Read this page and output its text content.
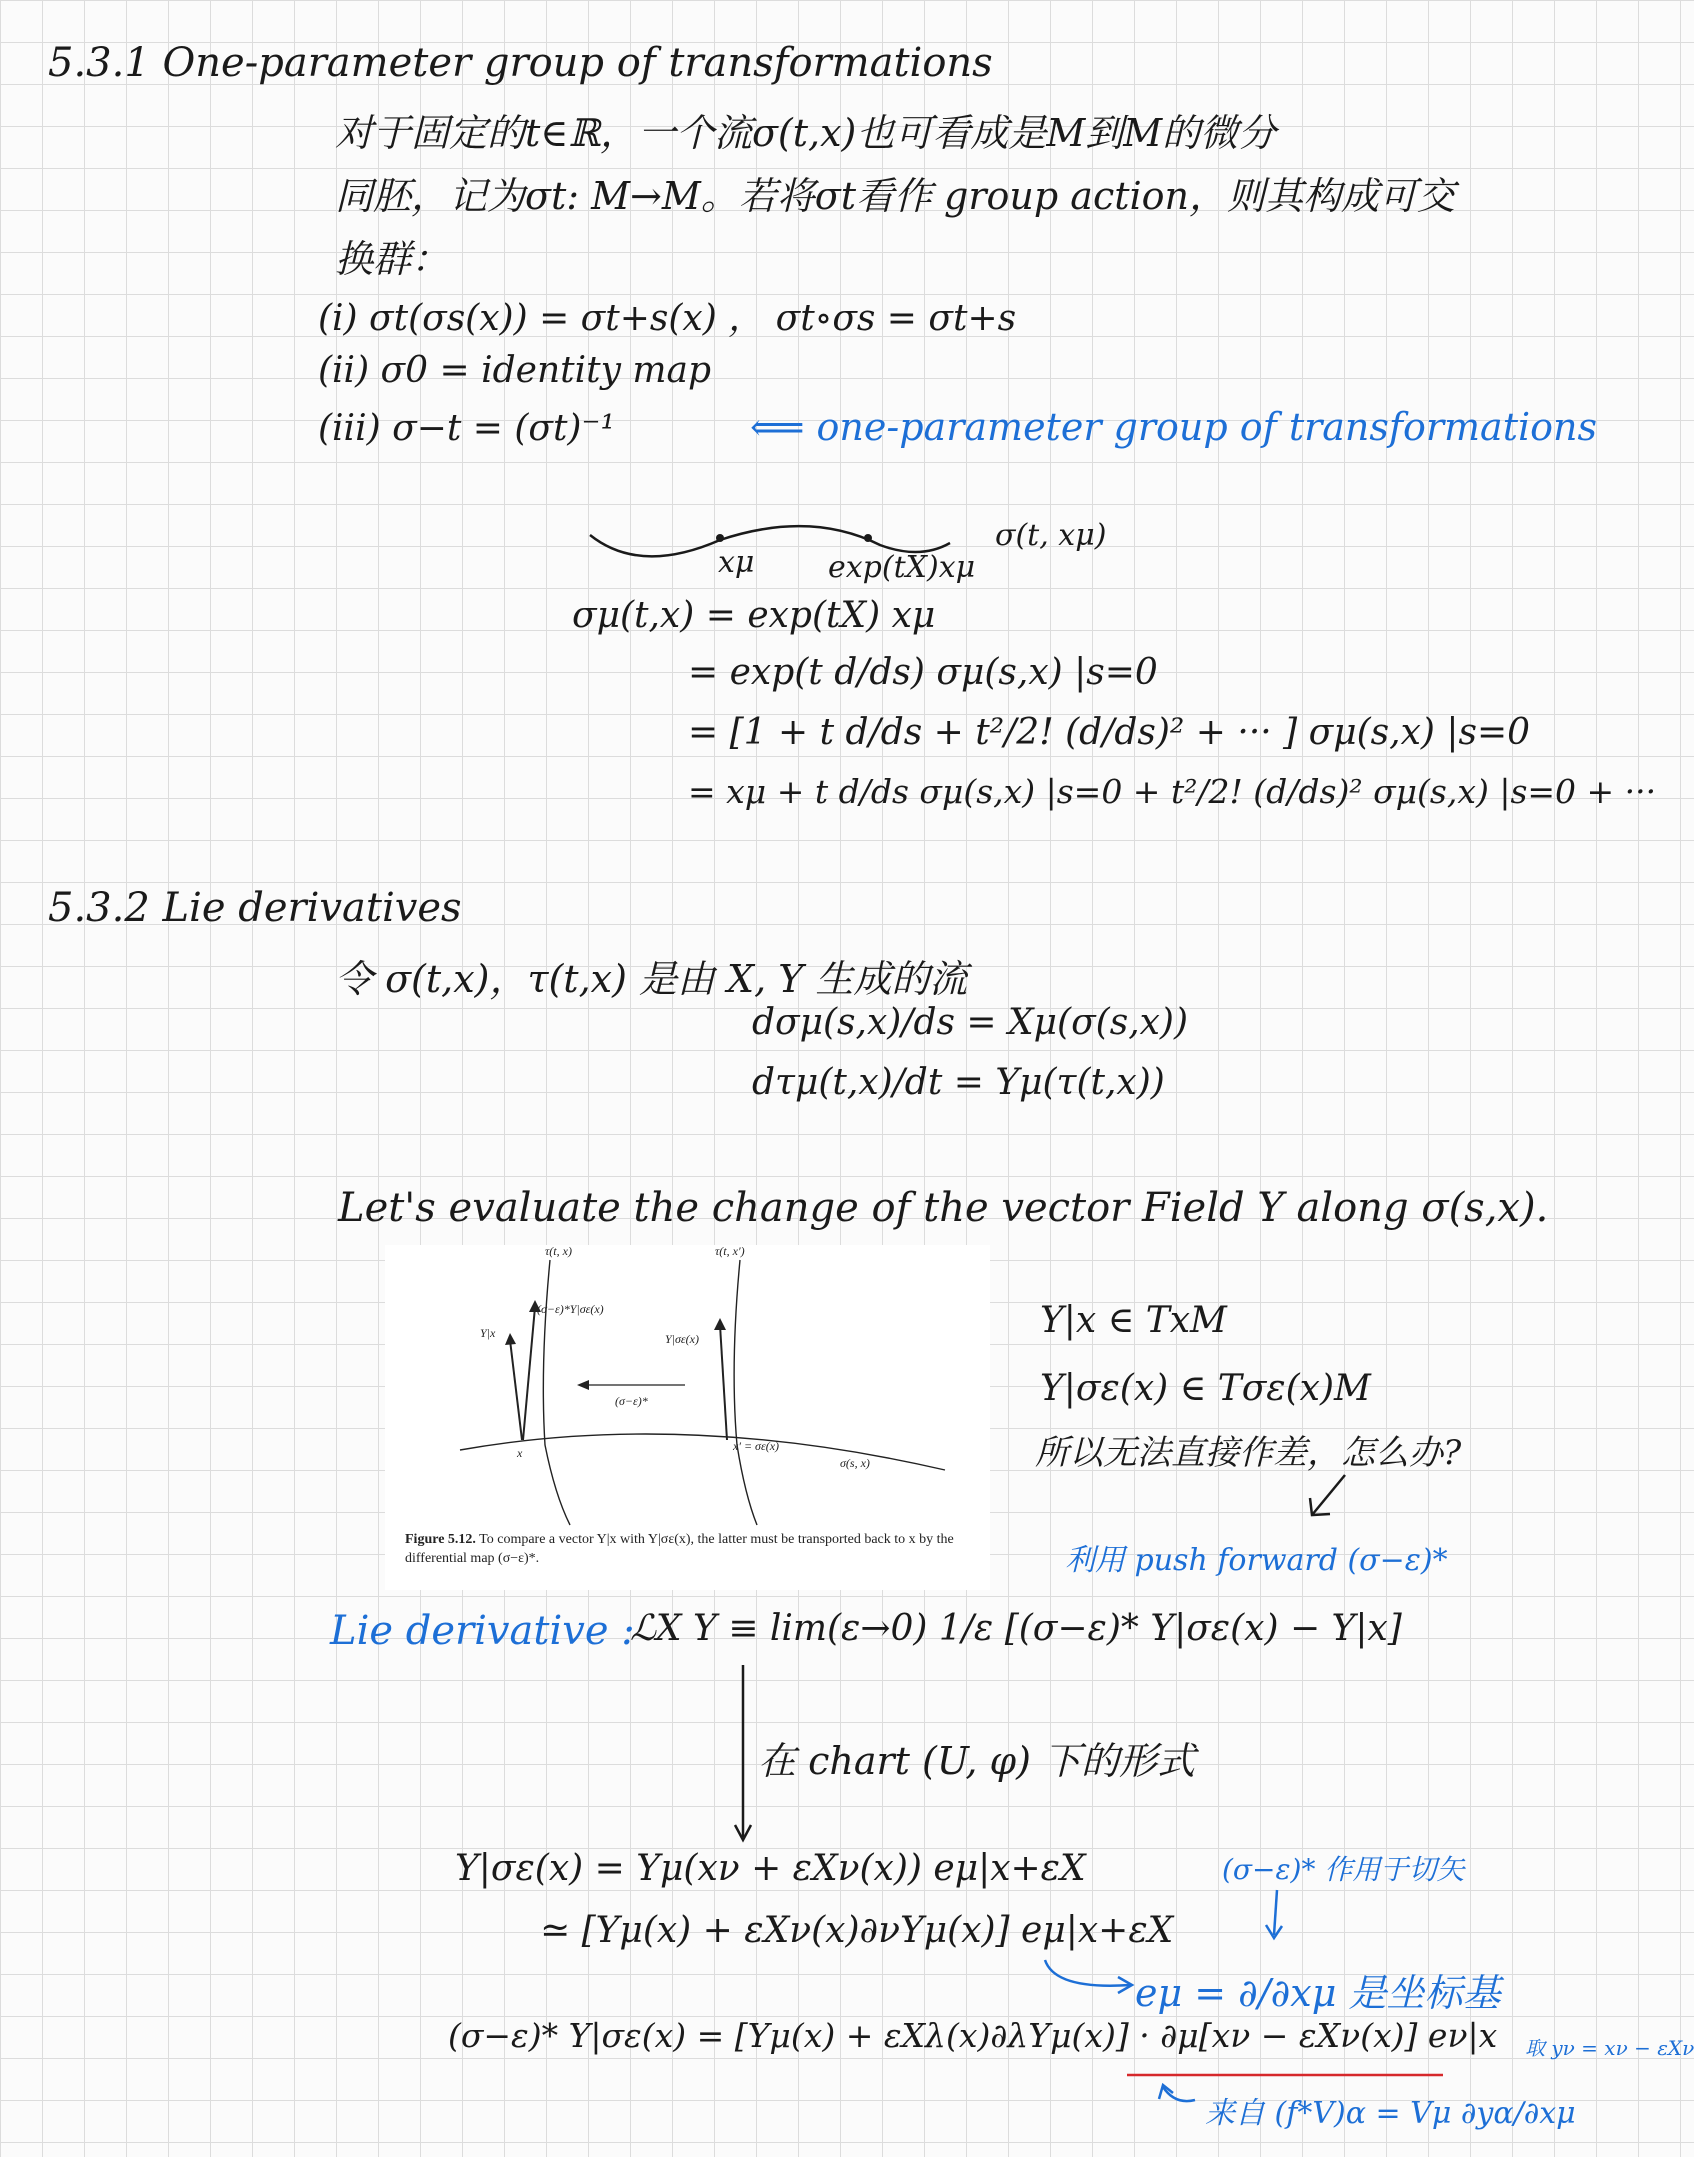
5.3.1 One-parameter group of transformations
对于固定的t∈ℝ，一个流σ(t,x)也可看成是M到M的微分
同胚，记为σt: M→M。若将σt看作 group action，则其构成可交
换群：
(i) σt(σs(x)) = σt+s(x) ， σt∘σs = σt+s
(ii) σ0 = identity map
(iii) σ−t = (σt)⁻¹	⟸ one-parameter group of transformations
xμ exp(tX)xμ
σ(t, xμ)
σμ(t,x) = exp(tX) xμ
= exp(t d/ds) σμ(s,x) |s=0
= [1 + t d/ds + t²/2! (d/ds)² + ··· ] σμ(s,x) |s=0
= xμ + t d/ds σμ(s,x) |s=0 + t²/2! (d/ds)² σμ(s,x) |s=0 + ···
5.3.2 Lie derivatives
令 σ(t,x)，τ(t,x) 是由 X, Y 生成的流
dσμ(s,x)/ds = Xμ(σ(s,x))
dτμ(t,x)/dt = Yμ(τ(t,x))
Let's evaluate the change of the vector Field Y along σ(s,x).
τ(t, x)	τ(t, x′)
(σ−ε)*Y|σε(x)
Y|x	Y|σε(x)
(σ−ε)*
x	x′ = σε(x)
σ(s, x)
Figure 5.12. To compare a vector Y|x with Y|σε(x), the latter must be transported back to x by the differential map (σ−ε)*.
Y|x ∈ TxM
Y|σε(x) ∈ Tσε(x)M
所以无法直接作差，怎么办?
利用 push forward (σ−ε)*
Lie derivative :
ℒX Y ≡ lim(ε→0) 1/ε [(σ−ε)* Y|σε(x) − Y|x]
在 chart (U, φ) 下的形式
Y|σε(x) = Yμ(xν + εXν(x)) eμ|x+εX
≃ [Yμ(x) + εXν(x)∂νYμ(x)] eμ|x+εX
(σ−ε)* Y|σε(x) = [Yμ(x) + εXλ(x)∂λYμ(x)] · ∂μ[xν − εXν(x)] eν|x
(σ−ε)* 作用于切矢
eμ = ∂/∂xμ 是坐标基
取 yν = xν − εXν
来自 (f*V)α = Vμ ∂yα/∂xμ
